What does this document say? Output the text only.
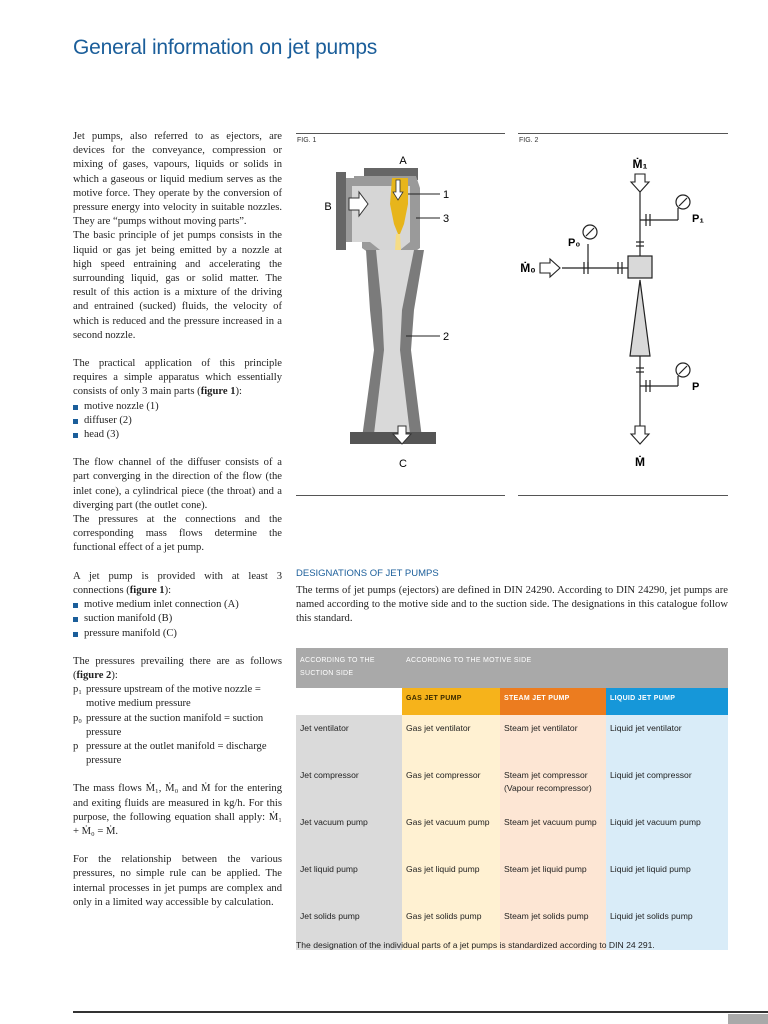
General information on jet pumps

Jet pumps, also referred to as ejectors, are devices for the conveyance, compression or mixing of gases, vapours, liquids or solids in which a gaseous or liquid medium serves as the motive force. They operate by the conversion of pressure energy into velocity in suitable nozzles. They are “pumps without moving parts”.

The basic principle of jet pumps consists in the liquid or gas jet being emitted by a nozzle at high speed entraining and accelerating the surrounding liquid, gas or solid matter. The result of this action is a mixture of the driving and entrained (sucked) fluids, the velocity of which is reduced and the pressure increased in a second nozzle.

The practical application of this principle requires a simple apparatus which essentially consists of only 3 main parts (figure 1):

motive nozzle (1)
diffuser (2)
head (3)

The flow channel of the diffuser consists of a part converging in the direction of the flow (the inlet cone), a cylindrical piece (the throat) and a diverging part (the outlet cone).

The pressures at the connections and the corresponding mass flows determine the functional effect of a jet pump.

A jet pump is provided with at least 3 connections (figure 1):

motive medium inlet connection (A)
suction manifold (B)
pressure manifold (C)

The pressures prevailing there are as follows (figure 2):

p₁ pressure upstream of the motive nozzle = motive medium pressure
p₀ pressure at the suction manifold = suction pressure
p pressure at the outlet manifold = discharge pressure

The mass flows Ṁ₁, Ṁ₀ and Ṁ for the entering and exiting fluids are measured in kg/h. For this purpose, the following equation shall apply: Ṁ₁ + Ṁ₀ = Ṁ.

For the relationship between the various pressures, no simple rule can be applied. The internal processes in jet pumps are complex and only in a limited way accessible by calculation.

FIG. 1
A
B
C
1
3
2
FIG. 2
Ṁ₁
Ṁ₀
Ṁ
P₁
P₀
P
DESIGNATIONS OF JET PUMPS

The terms of jet pumps (ejectors) are defined in DIN 24290. According to DIN 24290, jet pumps are named according to the motive side and to the suction side. The designations in this catalogue follow this standard.

ACCORDING TO THE SUCTION SIDE	ACCORDING TO THE MOTIVE SIDE		
	GAS JET PUMP	STEAM JET PUMP	LIQUID JET PUMP
Jet ventilator	Gas jet ventilator	Steam jet ventilator	Liquid jet ventilator
Jet compressor	Gas jet compressor	Steam jet compressor (Vapour recompressor)	Liquid jet compressor
Jet vacuum pump	Gas jet vacuum pump	Steam jet vacuum pump	Liquid jet vacuum pump
Jet liquid pump	Gas jet liquid pump	Steam jet liquid pump	Liquid jet liquid pump
Jet solids pump	Gas jet solids pump	Steam jet solids pump	Liquid jet solids pump
The designation of the individual parts of a jet pumps is standardized according to DIN 24 291.
